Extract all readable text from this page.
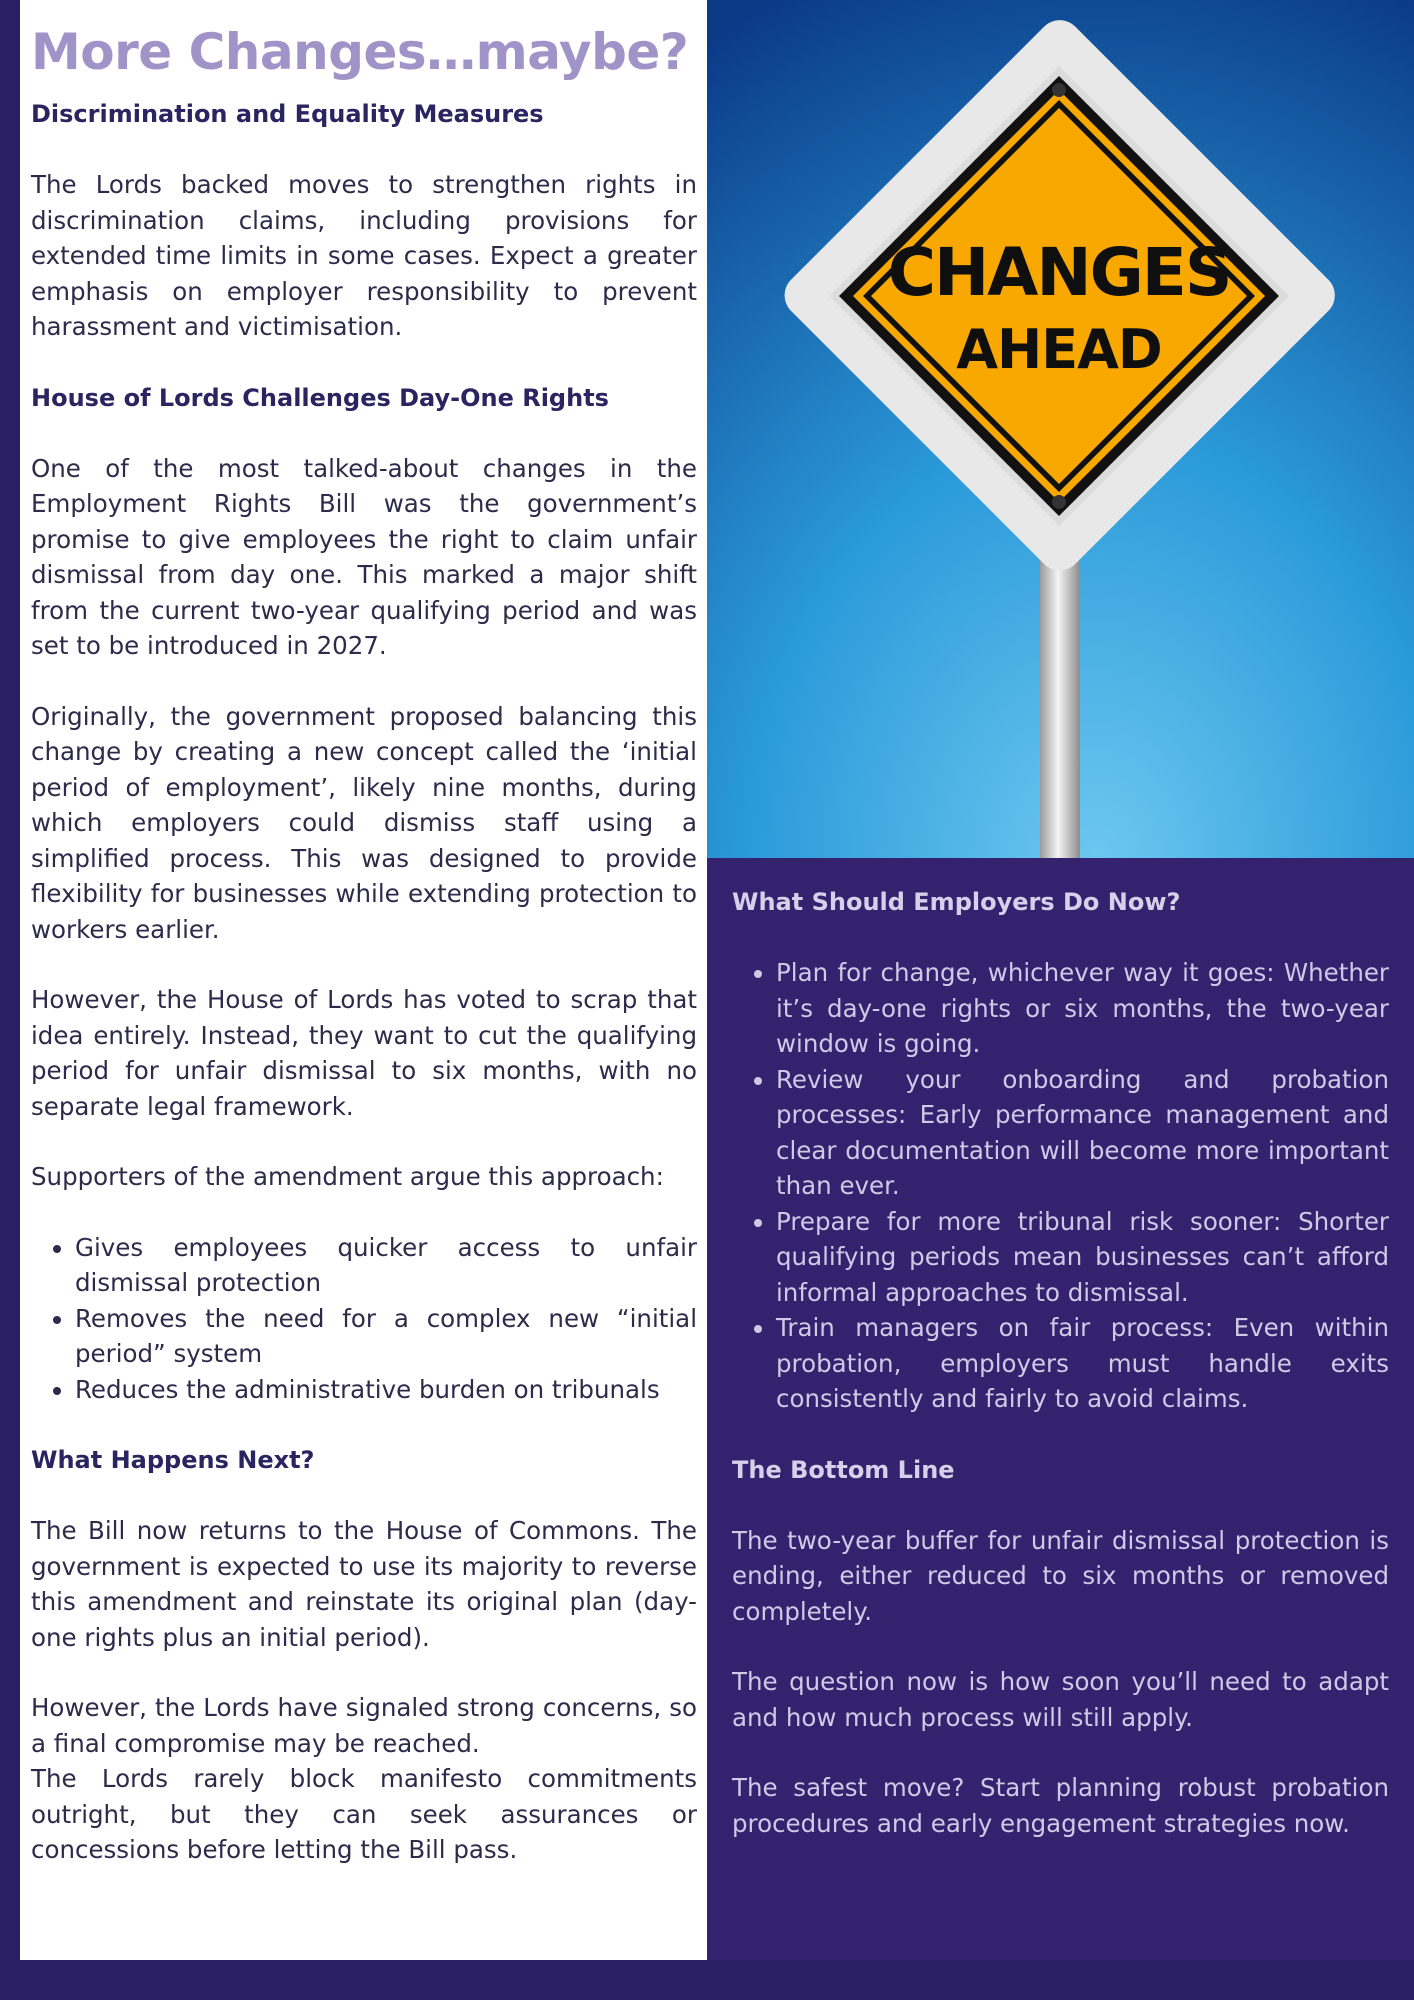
More Changes…maybe?
Discrimination and Equality Measures

The Lords backed moves to strengthen rights in discrimination claims, including provisions for extended time limits in some cases. Expect a greater emphasis on employer responsibility to prevent harassment and victimisation.

House of Lords Challenges Day-One Rights

One of the most talked-about changes in the Employment Rights Bill was the government’s promise to give employees the right to claim unfair dismissal from day one. This marked a major shift from the current two-year qualifying period and was set to be introduced in 2027.

Originally, the government proposed balancing this change by creating a new concept called the ‘initial period of employment’, likely nine months, during which employers could dismiss staff using a simplified process. This was designed to provide flexibility for businesses while extending protection to workers earlier.

However, the House of Lords has voted to scrap that idea entirely. Instead, they want to cut the qualifying period for unfair dismissal to six months, with no separate legal framework.

Supporters of the amendment argue this approach:

• Gives employees quicker access to unfair dismissal protection
• Removes the need for a complex new “initial period” system
• Reduces the administrative burden on tribunals
What Happens Next?

The Bill now returns to the House of Commons. The government is expected to use its majority to reverse this amendment and reinstate its original plan (day-one rights plus an initial period).

However, the Lords have signaled strong concerns, so a final compromise may be reached.

The Lords rarely block manifesto commitments outright, but they can seek assurances or concessions before letting the Bill pass.

CHANGES
AHEAD
What Should Employers Do Now?
• Plan for change, whichever way it goes: Whether it’s day-one rights or six months, the two-year window is going.
• Review your onboarding and probation processes: Early performance management and clear documentation will become more important than ever.
• Prepare for more tribunal risk sooner: Shorter qualifying periods mean businesses can’t afford informal approaches to dismissal.
• Train managers on fair process: Even within probation, employers must handle exits consistently and fairly to avoid claims.
The Bottom Line

The two-year buffer for unfair dismissal protection is ending, either reduced to six months or removed completely.

The question now is how soon you’ll need to adapt and how much process will still apply.

The safest move? Start planning robust probation procedures and early engagement strategies now.
